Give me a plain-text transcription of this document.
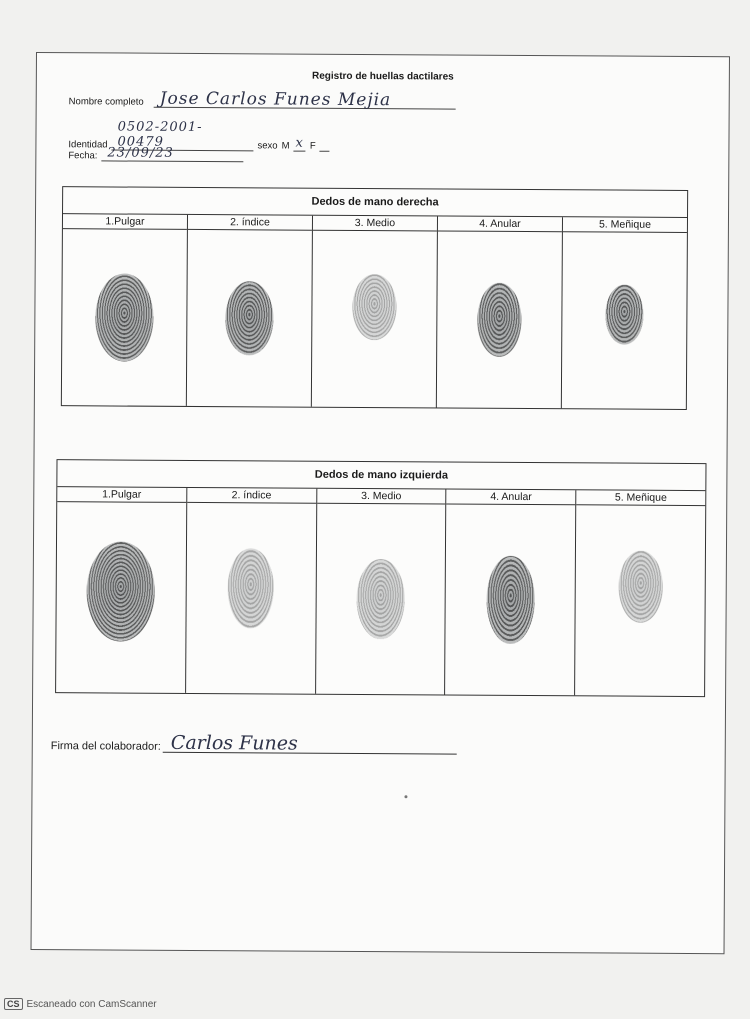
Registro de huellas dactilares
Nombre completo Jose Carlos Funes Mejia
Identidad
0502-2001-00479	sexo M x F
Fecha: 23/09/23
Dedos de mano derecha
1.Pulgar	2. índice	3. Medio	4. Anular	5. Meñique
Dedos de mano izquierda
1.Pulgar	2. índice	3. Medio	4. Anular	5. Meñique
Firma del colaborador: Carlos Funes
CS Escaneado con CamScanner
